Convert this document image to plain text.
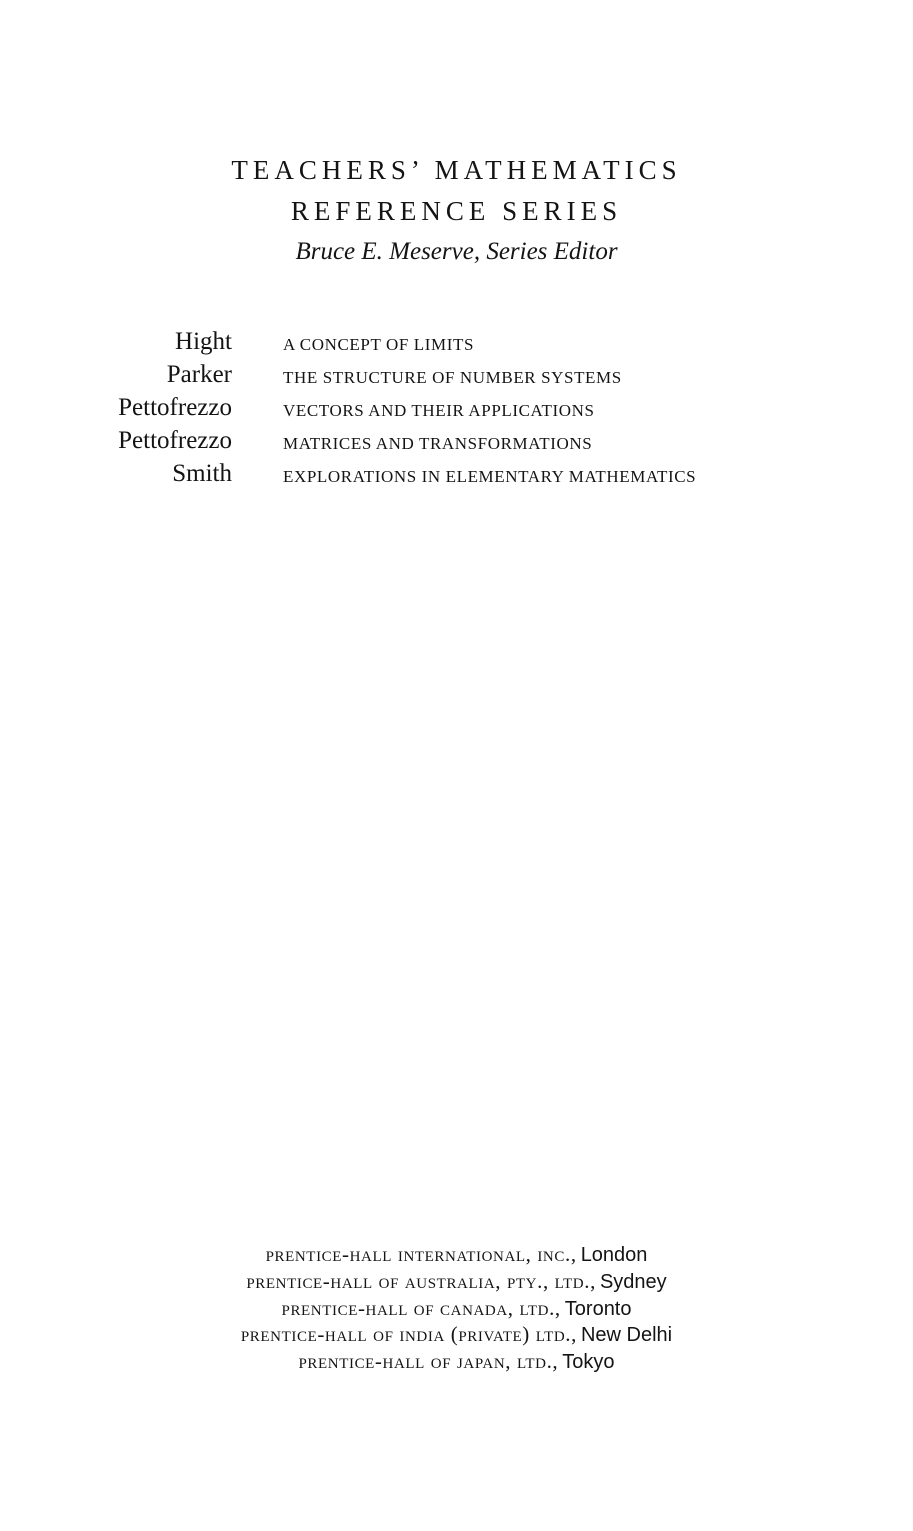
TEACHERS’ MATHEMATICS
REFERENCE SERIES
Bruce E. Meserve, Series Editor
Hight	A CONCEPT OF LIMITS
Parker	THE STRUCTURE OF NUMBER SYSTEMS
Pettofrezzo	VECTORS AND THEIR APPLICATIONS
Pettofrezzo	MATRICES AND TRANSFORMATIONS
Smith	EXPLORATIONS IN ELEMENTARY MATHEMATICS
prentice-hall international, inc., London
prentice-hall of australia, pty., ltd., Sydney
prentice-hall of canada, ltd., Toronto
prentice-hall of india (private) ltd., New Delhi
prentice-hall of japan, ltd., Tokyo
